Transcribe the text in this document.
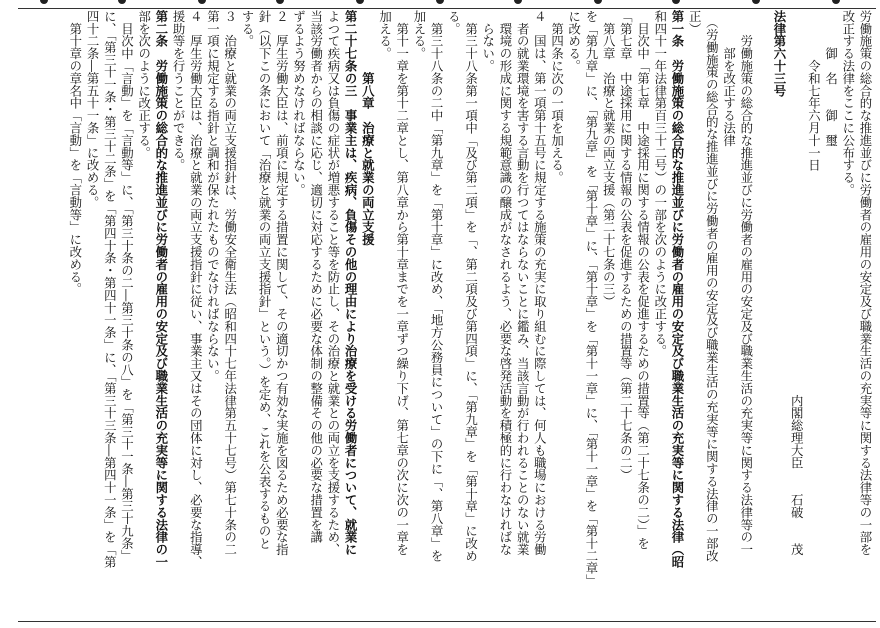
労働施策の総合的な推進並びに労働者の雇用の安定及び職業生活の充実等に関する法律等の一部を

改正する法律をここに公布する。

　　　御　名　　御　璽

　　　　令和七年六月十一日

　　　　　　　　　　　　　　　　　　　　　　　　　　　　　　　内閣総理大臣　　石破　　茂

法律第六十三号

　　労働施策の総合的な推進並びに労働者の雇用の安定及び職業生活の充実等に関する法律等の一

　　　部を改正する法律

　（労働施策の総合的な推進並びに労働者の雇用の安定及び職業生活の充実等に関する法律の一部改

正）

第一条　労働施策の総合的な推進並びに労働者の雇用の安定及び職業生活の充実等に関する法律（昭

和四十一年法律第百三十二号）の一部を次のように改正する。

　目次中「第七章　中途採用に関する情報の公表を促進するための措置等（第二十七条の二）」を

「第七章　中途採用に関する情報の公表を促進するための措置等（第二十七条の二）

　第八章　治療と就業の両立支援（第二十七条の三）

を「第九章」に、「第九章」を「第十章」に、「第十章」を「第十一章」に、「第十一章」を「第十二章」

に改める。

　第四条に次の一項を加える。

４　国は、第一項第十五号に規定する施策の充実に取り組むに際しては、何人も職場における労働

　者の就業環境を害する言動を行つてはならないことに鑑み、当該言動が行われることのない就業

　環境の形成に関する規範意識の醸成がなされるよう、必要な啓発活動を積極的に行わなければな

　らない。

　第三十八条第一項中「及び第二項」を「、第二項及び第四項」に、「第九章」を「第十章」に改め

る。

　第三十八条の二中「第九章」を「第十章」に改め、「地方公務員について」の下に「、第八章」を

加える。

　第十一章を第十二章とし、第八章から第十章までを一章ずつ繰り下げ、第七章の次に次の一章を

加える。

　　　　　第八章　治療と就業の両立支援

第二十七条の三　事業主は、疾病、負傷その他の理由により治療を受ける労働者について、就業に

よつて疾病又は負傷の症状が増悪すること等を防止し、その治療と就業との両立を支援するため、

当該労働者からの相談に応じ、適切に対応するために必要な体制の整備その他の必要な措置を講

ずるよう努めなければならない。

２　厚生労働大臣は、前項に規定する措置に関して、その適切かつ有効な実施を図るため必要な指

針（以下この条において「治療と就業の両立支援指針」という。）を定め、これを公表するものと

する。

３　治療と就業の両立支援指針は、労働安全衛生法（昭和四十七年法律第五十七号）第七十条の二

第一項に規定する指針と調和が保たれたものでなければならない。

４　厚生労働大臣は、治療と就業の両立支援指針に従い、事業主又はその団体に対し、必要な指導、

援助等を行うことができる。

第二条　労働施策の総合的な推進並びに労働者の雇用の安定及び職業生活の充実等に関する法律の一

部を次のように改正する。

　目次中「言動」を「言動等」に、「第三十条の二―第三十条の八」を「第三十一条―第三十九条」

に、「第三十一条・第三十二条」を「第四十条・第四十一条」に、「第三十三条―第四十一条」を「第

四十二条―第五十一条」に改める。

　第十章の章名中「言動」を「言動等」に改める。
